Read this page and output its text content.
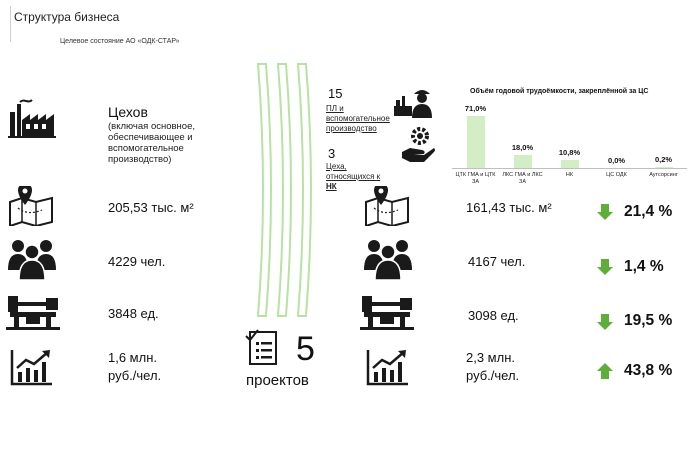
Структура бизнеса
Целевое состояние АО «ОДК-СТАР»
Цехов
(включая основное, обеспечивающее и вспомогательное производство)
205,53 тыс. м²
4229 чел.
3848 ед.
1,6 млн.
руб./чел.
5
проектов
15
ПЛ и вспомогательное производство
3
Цеха, относящихся к НК
Объём годовой трудоёмкости, закреплённой за ЦС
71,0%
ЦТК ГМА и ЦТК ЗА
18,0%
ЛКС ГМА и ЛКС ЗА
10,8%
НК
0,0%
ЦС ОДК
0,2%
Аутсорсинг
161,43 тыс. м²
4167 чел.
3098 ед.
2,3 млн.
руб./чел.
21,4 %
1,4 %
19,5 %
43,8 %
